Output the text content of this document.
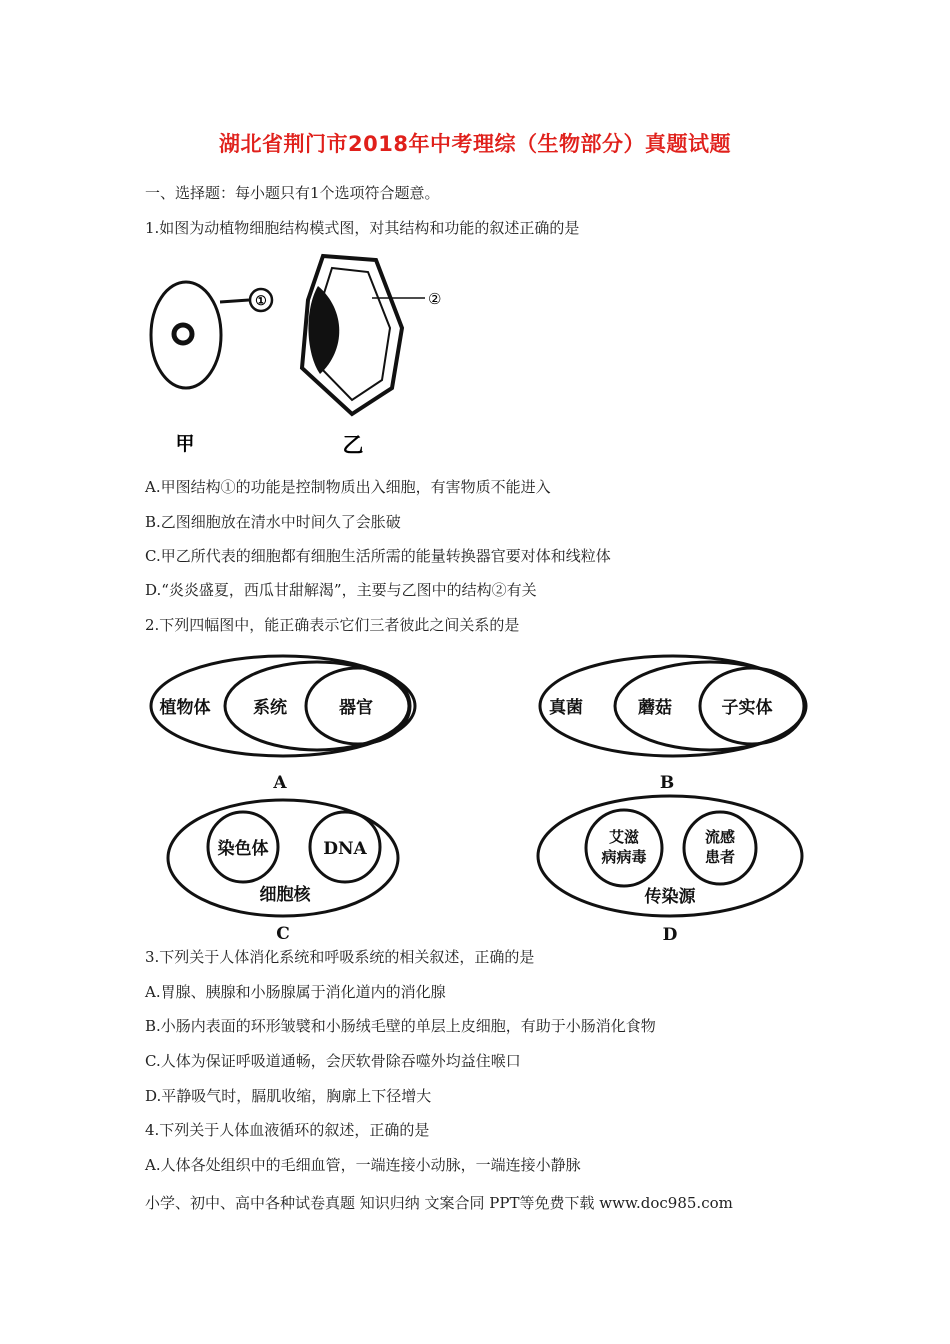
湖北省荆门市2018年中考理综（生物部分）真题试题
一、选择题：每小题只有1个选项符合题意。
1.如图为动植物细胞结构模式图，对其结构和功能的叙述正确的是
①	②
甲	乙
A.甲图结构①的功能是控制物质出入细胞，有害物质不能进入
B.乙图细胞放在清水中时间久了会胀破
C.甲乙所代表的细胞都有细胞生活所需的能量转换器官要对体和线粒体
D.“炎炎盛夏，西瓜甘甜解渴”，主要与乙图中的结构②有关
2.下列四幅图中，能正确表示它们三者彼此之间关系的是
植物体	系统	器官
A
真菌	蘑菇	子实体
B
染色体	DNA
细胞核
C
艾滋
病病毒
流感
患者
传染源
D
3.下列关于人体消化系统和呼吸系统的相关叙述，正确的是
A.胃腺、胰腺和小肠腺属于消化道内的消化腺
B.小肠内表面的环形皱襞和小肠绒毛壁的单层上皮细胞，有助于小肠消化食物
C.人体为保证呼吸道通畅，会厌软骨除吞噬外均益住喉口
D.平静吸气时，膈肌收缩，胸廓上下径增大
4.下列关于人体血液循环的叙述，正确的是
A.人体各处组织中的毛细血管，一端连接小动脉，一端连接小静脉
小学、初中、高中各种试卷真题 知识归纳 文案合同 PPT等免费下载 www.doc985.com
